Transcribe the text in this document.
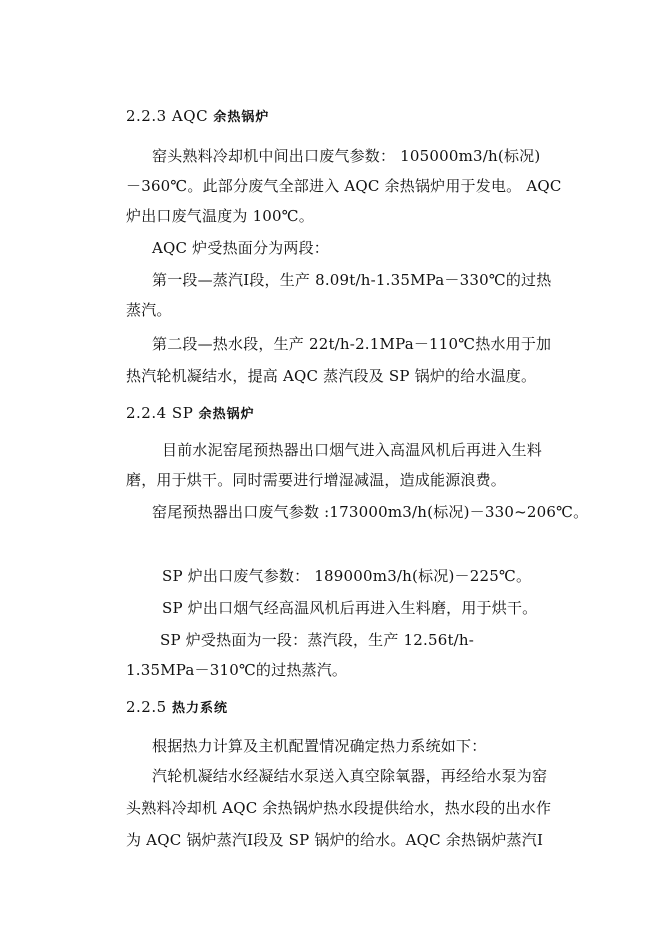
2.2.3 AQC 余热锅炉
窑头熟料冷却机中间出口废气参数： 105000m3/h(标况)
－360℃。此部分废气全部进入 AQC 余热锅炉用于发电。 AQC
炉出口废气温度为 100℃。
AQC 炉受热面分为两段：
第一段—蒸汽Ⅰ段，生产 8.09t/h-1.35MPa－330℃的过热
蒸汽。
第二段—热水段，生产 22t/h-2.1MPa－110℃热水用于加
热汽轮机凝结水，提高 AQC 蒸汽段及 SP 锅炉的给水温度。
2.2.4 SP 余热锅炉
目前水泥窑尾预热器出口烟气进入高温风机后再进入生料
磨，用于烘干。同时需要进行增湿减温，造成能源浪费。
窑尾预热器出口废气参数 :173000m3/h(标况)－330~206℃。
SP 炉出口废气参数： 189000m3/h(标况)－225℃。
SP 炉出口烟气经高温风机后再进入生料磨，用于烘干。
SP 炉受热面为一段：蒸汽段，生产 12.56t/h-
1.35MPa－310℃的过热蒸汽。
2.2.5 热力系统
根据热力计算及主机配置情况确定热力系统如下：
汽轮机凝结水经凝结水泵送入真空除氧器，再经给水泵为窑
头熟料冷却机 AQC 余热锅炉热水段提供给水，热水段的出水作
为 AQC 锅炉蒸汽Ⅰ段及 SP 锅炉的给水。AQC 余热锅炉蒸汽Ⅰ
